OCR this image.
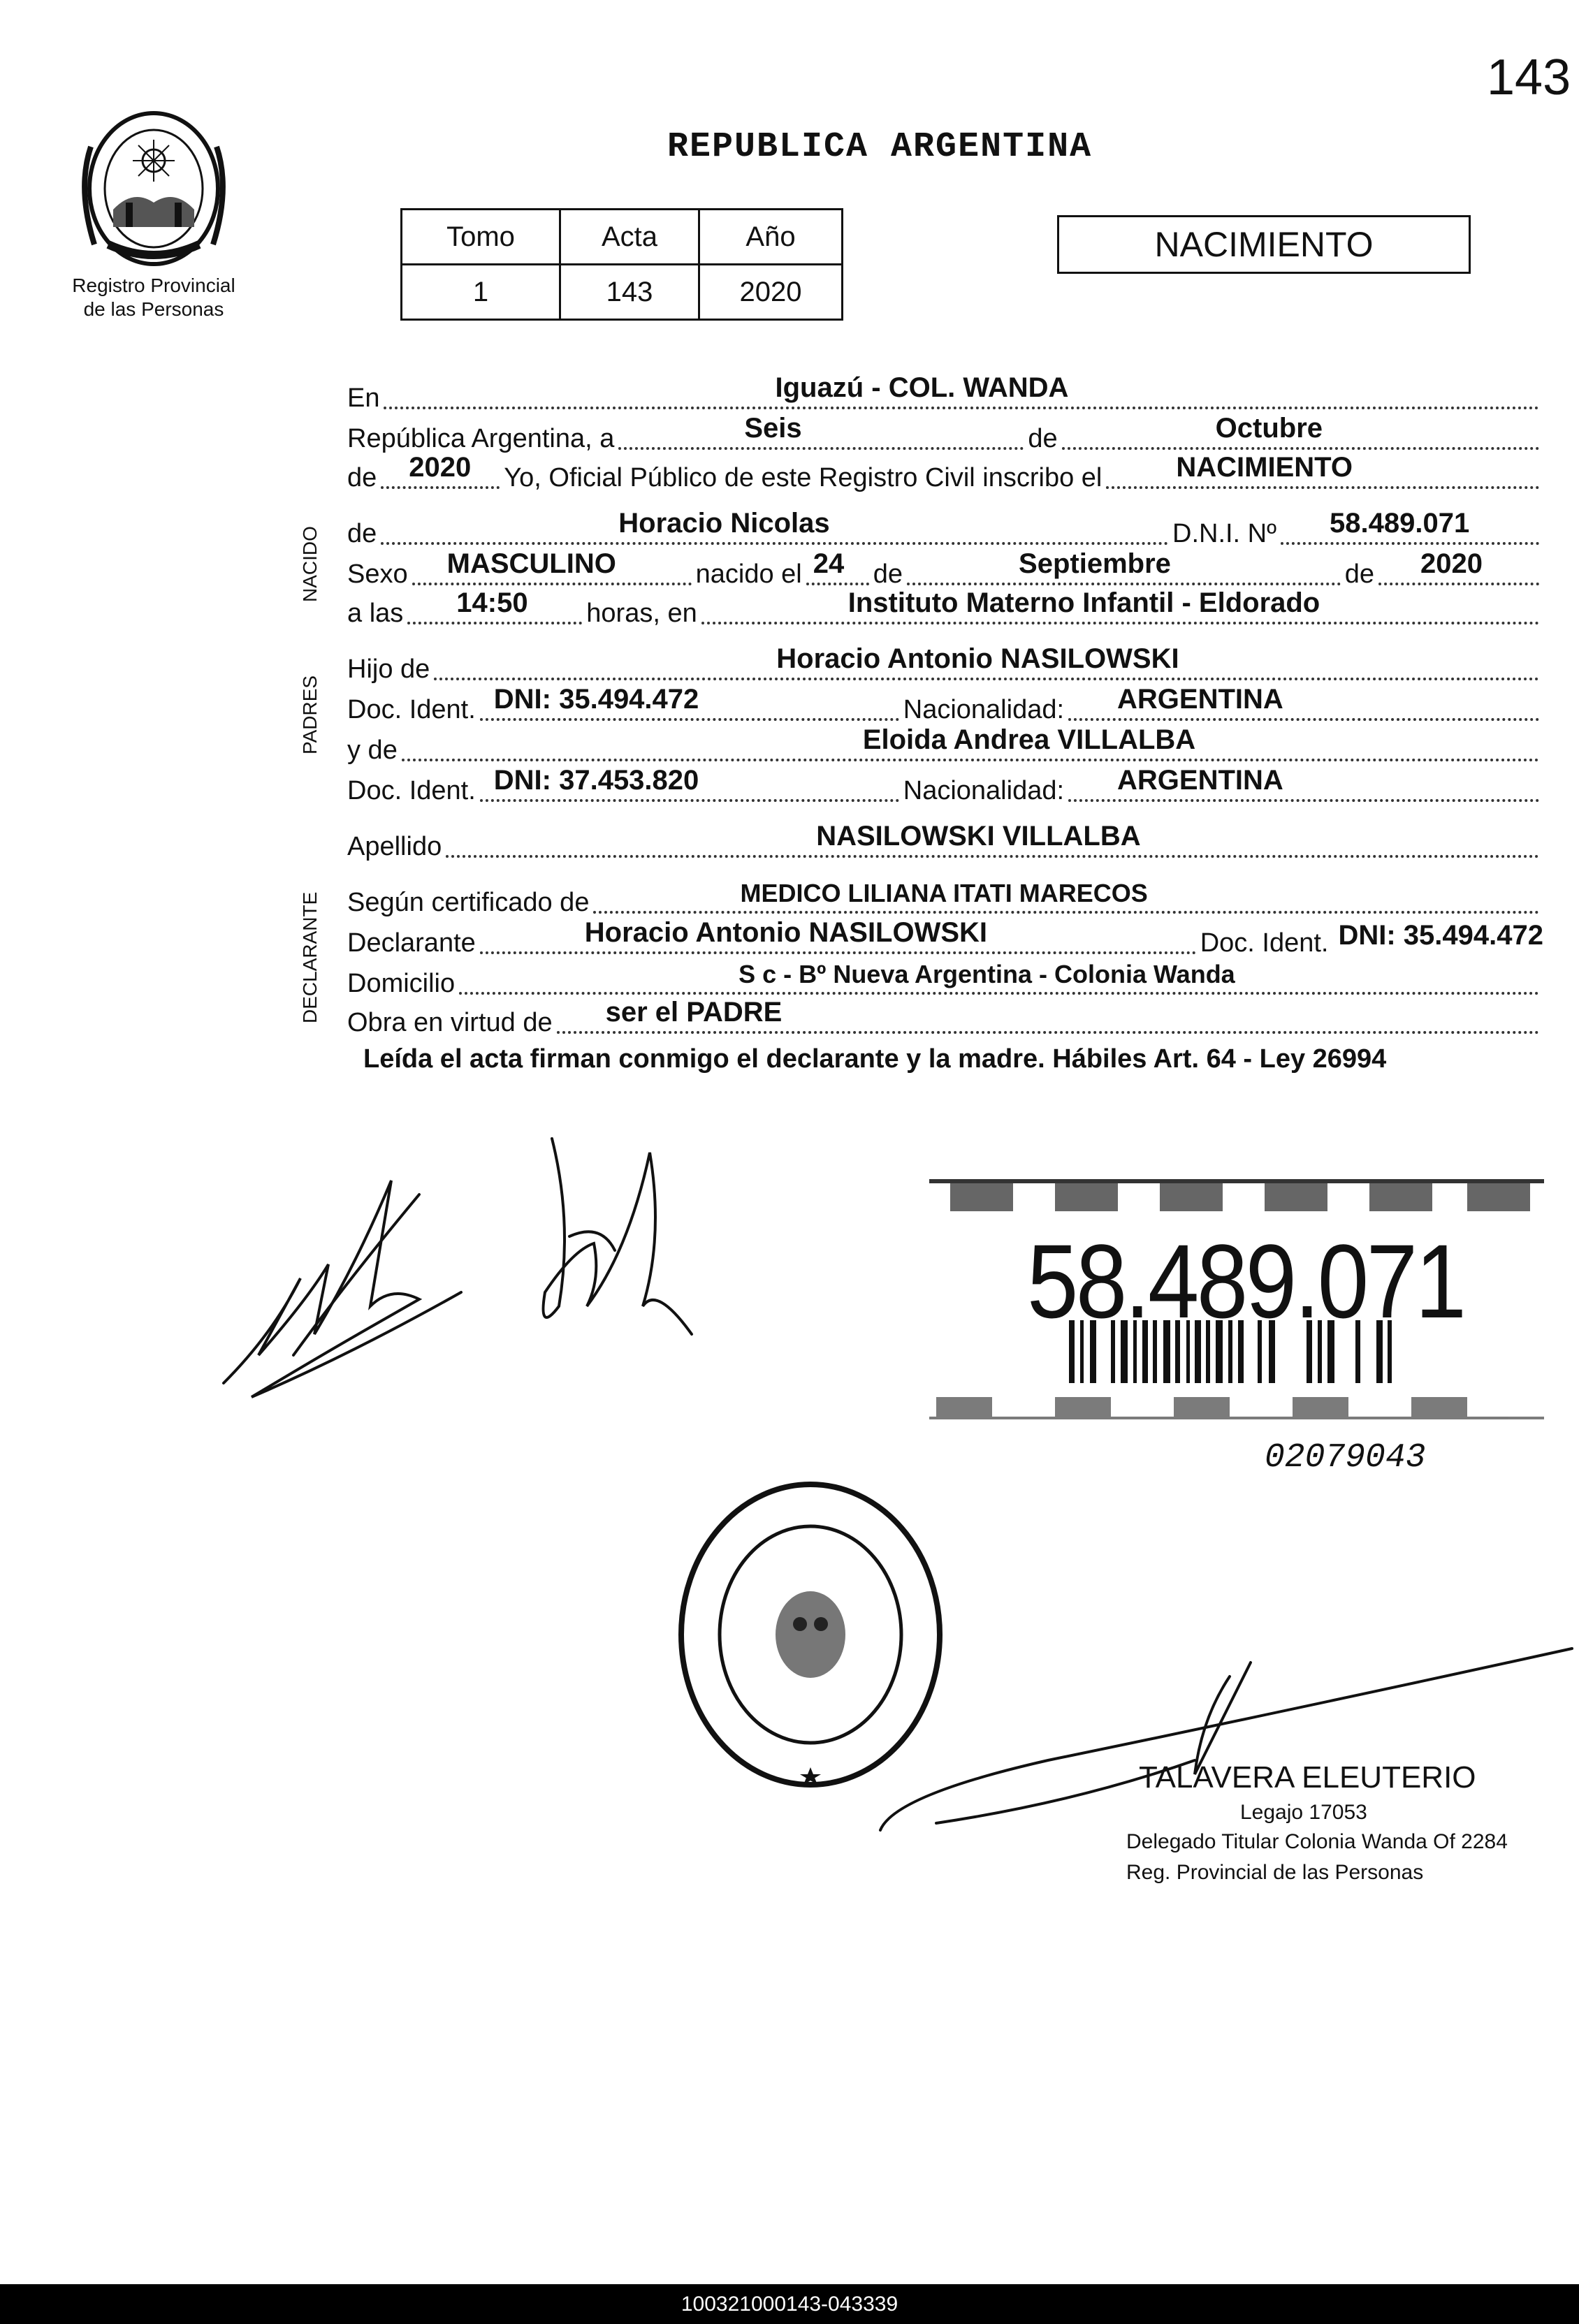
143
Registro Provincial
de las Personas
REPUBLICA ARGENTINA
Tomo	Acta	Año
1	143	2020
NACIMIENTO
NACIDO
PADRES
DECLARANTE
En	Iguazú - COL. WANDA
República Argentina, a	Seis	de	Octubre
de 2020 Yo, Oficial Público de este Registro Civil inscribo el	NACIMIENTO
de	Horacio Nicolas	D.N.I. Nº 58.489.071
Sexo MASCULINO	nacido el 24 de	Septiembre	de 2020
a las 14:50 horas, en	Instituto Materno Infantil - Eldorado
Hijo de	Horacio Antonio NASILOWSKI
Doc. Ident. DNI: 35.494.472	Nacionalidad: ARGENTINA
y de	Eloida Andrea VILLALBA
Doc. Ident. DNI: 37.453.820	Nacionalidad: ARGENTINA
Apellido	NASILOWSKI VILLALBA
Según certificado de	MEDICO LILIANA ITATI MARECOS
Declarante	Horacio Antonio NASILOWSKI	Doc. Ident. DNI: 35.494.472
Domicilio	S c - Bº Nueva Argentina - Colonia Wanda
Obra en virtud de ser el PADRE
Leída el acta firman conmigo el declarante y la madre. Hábiles Art. 64 - Ley 26994
58.489.071
02079043
TALAVERA ELEUTERIO
Legajo 17053
Delegado Titular Colonia Wanda Of 2284
Reg. Provincial de las Personas
100321000143-043339
